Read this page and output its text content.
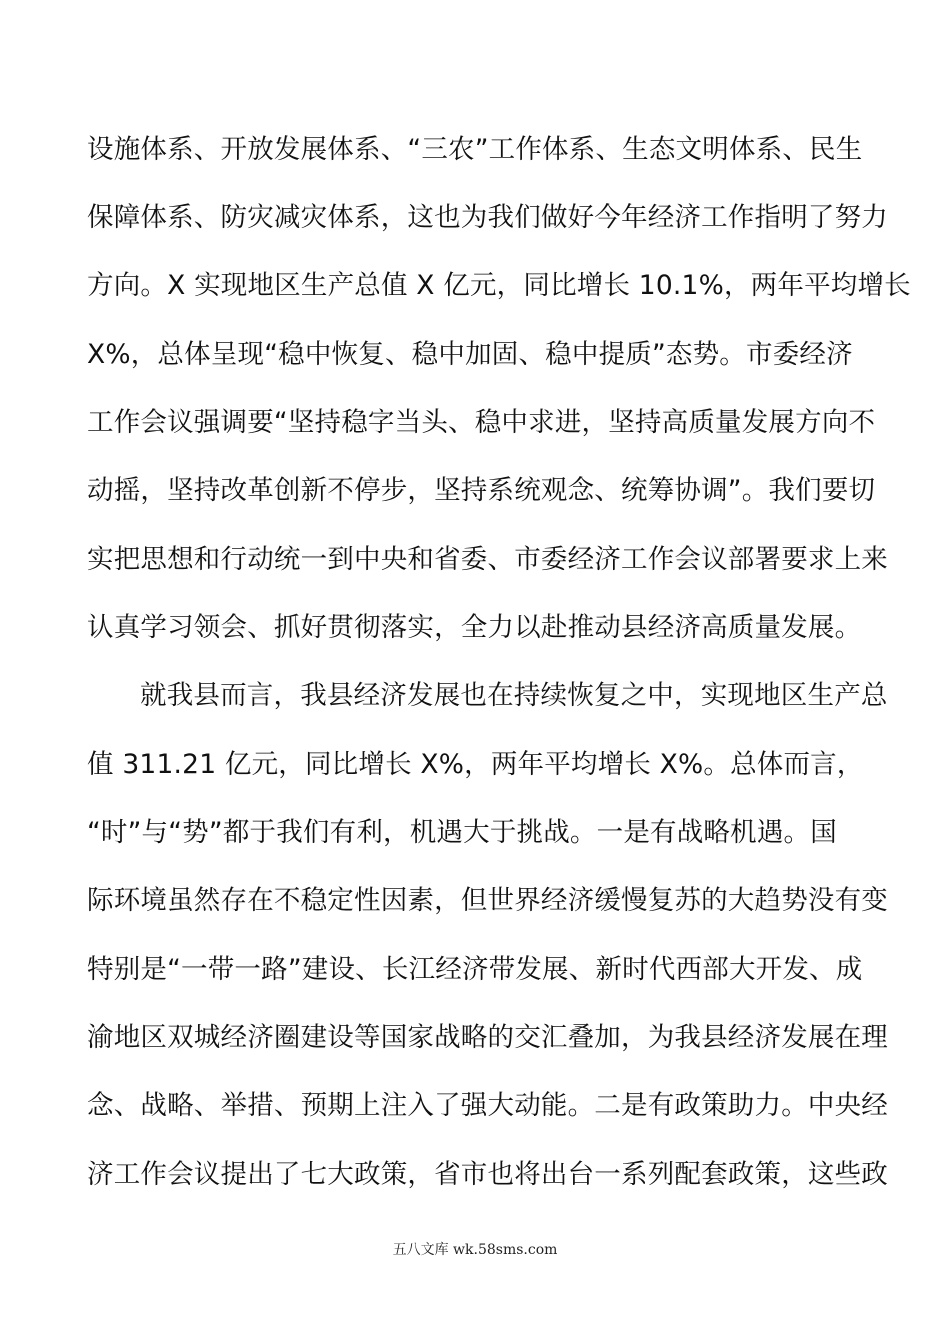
设施体系、开放发展体系、“三农”工作体系、生态文明体系、民生
保障体系、防灾减灾体系，这也为我们做好今年经济工作指明了努力
方向。X 实现地区生产总值 X 亿元，同比增长 10.1%，两年平均增长
X%，总体呈现“稳中恢复、稳中加固、稳中提质”态势。市委经济
工作会议强调要“坚持稳字当头、稳中求进，坚持高质量发展方向不
动摇，坚持改革创新不停步，坚持系统观念、统筹协调”。我们要切
实把思想和行动统一到中央和省委、市委经济工作会议部署要求上来
认真学习领会、抓好贯彻落实，全力以赴推动县经济高质量发展。
就我县而言，我县经济发展也在持续恢复之中，实现地区生产总
值 311.21 亿元，同比增长 X%，两年平均增长 X%。总体而言，
“时”与“势”都于我们有利，机遇大于挑战。一是有战略机遇。国
际环境虽然存在不稳定性因素，但世界经济缓慢复苏的大趋势没有变
特别是“一带一路”建设、长江经济带发展、新时代西部大开发、成
渝地区双城经济圈建设等国家战略的交汇叠加，为我县经济发展在理
念、战略、举措、预期上注入了强大动能。二是有政策助力。中央经
济工作会议提出了七大政策，省市也将出台一系列配套政策，这些政
五八文库 wk.58sms.com
